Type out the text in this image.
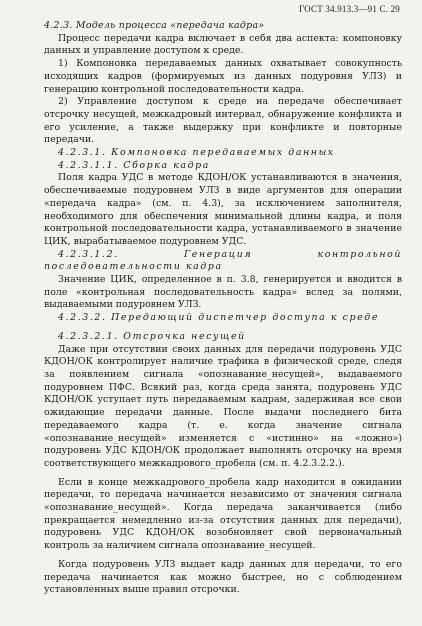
ГОСТ 34.913.3—91 С. 29

4.2.3. Модель процесса «передача кадра»

Процесс передачи кадра включает в себя два аспекта: компоновку данных и управление доступом к среде.

1) Компоновка передаваемых данных охватывает совокупность исходящих кадров (формируемых из данных подуровня УЛЗ) и генерацию контрольной последовательности кадра.

2) Управление доступом к среде на передаче обеспечивает отсрочку несущей, межкадровый интервал, обнаружение конфликта и его усиление, а также выдержку при конфликте и повторные передачи.

4.2.3.1. Компоновка передаваемых данных

4.2.3.1.1. Сборка кадра

Поля кадра УДС в методе КДОН/ОК устанавливаются в значения, обеспечиваемые подуровнем УЛЗ в виде аргументов для операции «передача кадра» (см. п. 4.3), за исключением заполнителя, необходимого для обеспечения минимальной длины кадра, и поля контрольной последовательности кадра, устанавливаемого в значение ЦИК, вырабатываемое подуровнем УДС.

4.2.3.1.2. Генерация контрольной последовательности кадра

Значение ЦИК, определенное в п. 3.8, генерируется и вводится в поле «контрольная последовательность кадра» вслед за полями, выдаваемыми подуровнем УЛЗ.

4.2.3.2. Передающий диспетчер доступа к среде

4.2.3.2.1. Отсрочка несущей

Даже при отсутствии своих данных для передачи подуровень УДС КДОН/ОК контролирует наличие трафика в физической среде, следя за появлением сигнала «опознавание_несущей», выдаваемого подуровнем ПФС. Всякий раз, когда среда занята, подуровень УДС КДОН/ОК уступает путь передаваемым кадрам, задерживая все свои ожидающие передачи данные. После выдачи последнего бита передаваемого кадра (т. е. когда значение сигнала «опознавание_несущей» изменяется с «истинно» на «ложно») подуровень УДС КДОН/ОК продолжает выполнять отсрочку на время соответствующего межкадрового_пробела (см. п. 4.2.3.2.2.).

Если в конце межкадрового_пробела кадр находится в ожидании передачи, то передача начинается независимо от значения сигнала «опознавание_несущей». Когда передача заканчивается (либо прекращается немедленно из-за отсутствия данных для передачи), подуровень УДС КДОН/ОК возобновляет свой первоначальный контроль за наличием сигнала опознавание_несущей.

Когда подуровень УЛЗ выдает кадр данных для передачи, то его передача начинается как можно быстрее, но с соблюдением установленных выше правил отсрочки.
